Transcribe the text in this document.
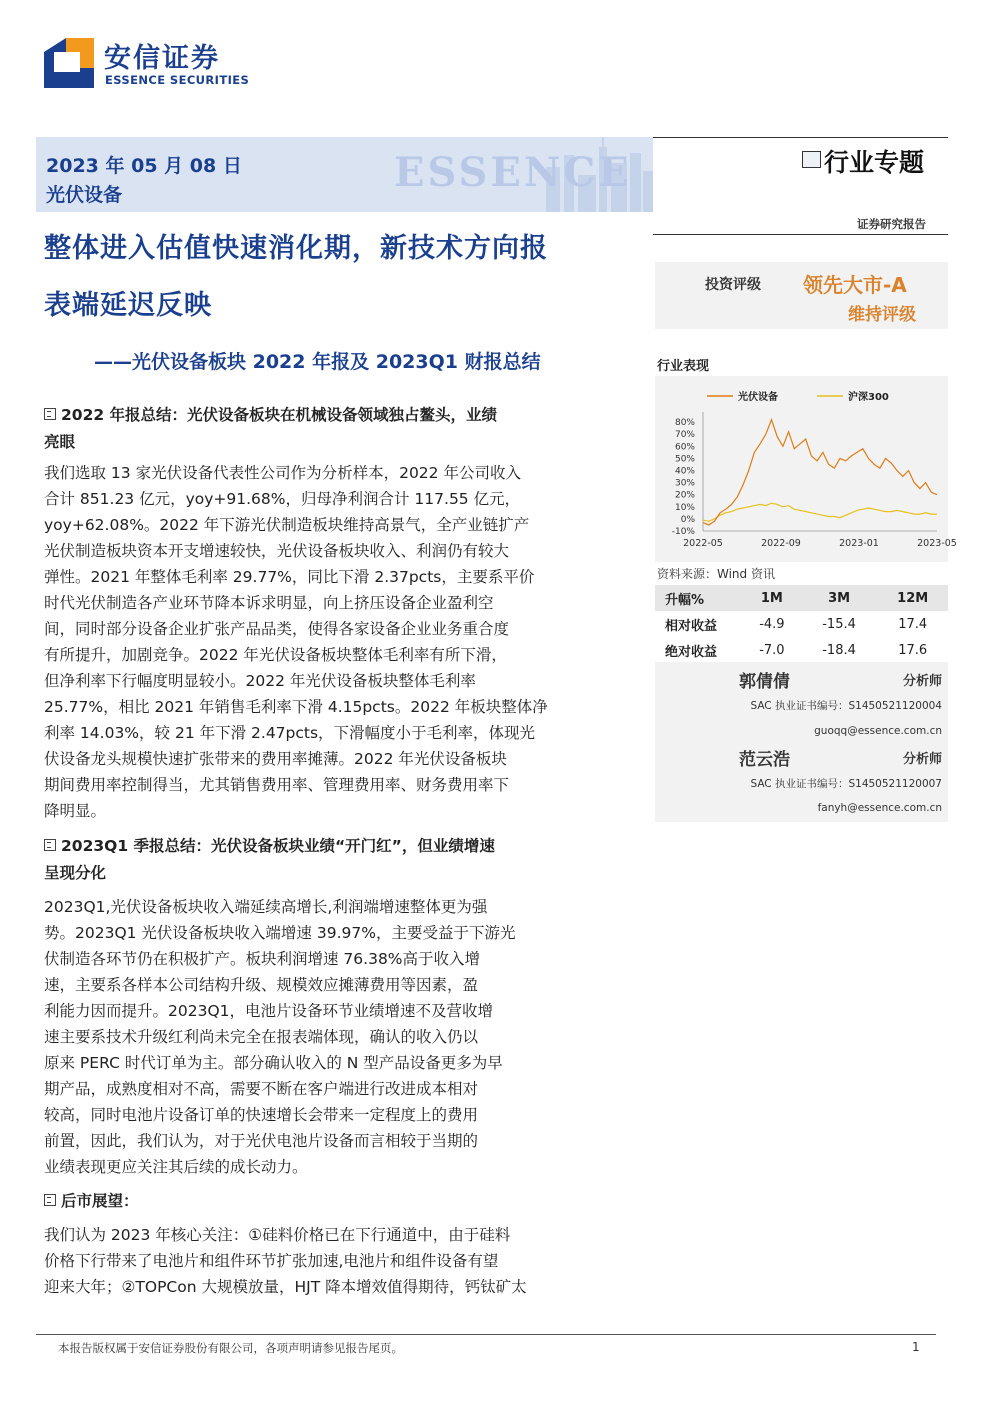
安信证券
ESSENCE SECURITIES
ESSENCE
2023 年 05 月 08 日
光伏设备
行业专题
证券研究报告
整体进入估值快速消化期，新技术方向报
表端延迟反映
——光伏设备板块 2022 年报及 2023Q1 财报总结
投资评级 领先大市-A
维持评级
行业表现
80%
70%
60%
50%
40%
30%
20%
10%
0%
-10%
2022-05	2022-09	2023-01	2023-05
光伏设备	沪深300
资料来源：Wind 资讯
升幅%	1M	3M	12M
相对收益	-4.9	-15.4	17.4
绝对收益	-7.0	-18.4	17.6
郭倩倩	分析师
SAC 执业证书编号：S1450521120004
guoqq@essence.com.cn
范云浩	分析师
SAC 执业证书编号：S1450521120007
fanyh@essence.com.cn
2022 年报总结：光伏设备板块在机械设备领域独占鳌头，业绩
亮眼
我们选取 13 家光伏设备代表性公司作为分析样本，2022 年公司收入
合计 851.23 亿元，yoy+91.68%，归母净利润合计 117.55 亿元，
yoy+62.08%。2022 年下游光伏制造板块维持高景气，全产业链扩产
光伏制造板块资本开支增速较快，光伏设备板块收入、利润仍有较大
弹性。2021 年整体毛利率 29.77%，同比下滑 2.37pcts，主要系平价
时代光伏制造各产业环节降本诉求明显，向上挤压设备企业盈利空
间，同时部分设备企业扩张产品品类，使得各家设备企业业务重合度
有所提升，加剧竞争。2022 年光伏设备板块整体毛利率有所下滑，
但净利率下行幅度明显较小。2022 年光伏设备板块整体毛利率
25.77%，相比 2021 年销售毛利率下滑 4.15pcts。2022 年板块整体净
利率 14.03%，较 21 年下滑 2.47pcts，下滑幅度小于毛利率，体现光
伏设备龙头规模快速扩张带来的费用率摊薄。2022 年光伏设备板块
期间费用率控制得当，尤其销售费用率、管理费用率、财务费用率下
降明显。
2023Q1 季报总结：光伏设备板块业绩“开门红”，但业绩增速
呈现分化
2023Q1,光伏设备板块收入端延续高增长,利润端增速整体更为强
势。2023Q1 光伏设备板块收入端增速 39.97%，主要受益于下游光
伏制造各环节仍在积极扩产。板块利润增速 76.38%高于收入增
速，主要系各样本公司结构升级、规模效应摊薄费用等因素，盈
利能力因而提升。2023Q1，电池片设备环节业绩增速不及营收增
速主要系技术升级红利尚未完全在报表端体现，确认的收入仍以
原来 PERC 时代订单为主。部分确认收入的 N 型产品设备更多为早
期产品，成熟度相对不高，需要不断在客户端进行改进成本相对
较高，同时电池片设备订单的快速增长会带来一定程度上的费用
前置，因此，我们认为，对于光伏电池片设备而言相较于当期的
业绩表现更应关注其后续的成长动力。
后市展望：
我们认为 2023 年核心关注：①硅料价格已在下行通道中，由于硅料
价格下行带来了电池片和组件环节扩张加速,电池片和组件设备有望
迎来大年；②TOPCon 大规模放量，HJT 降本增效值得期待，钙钛矿太
本报告版权属于安信证券股份有限公司，各项声明请参见报告尾页。	1
